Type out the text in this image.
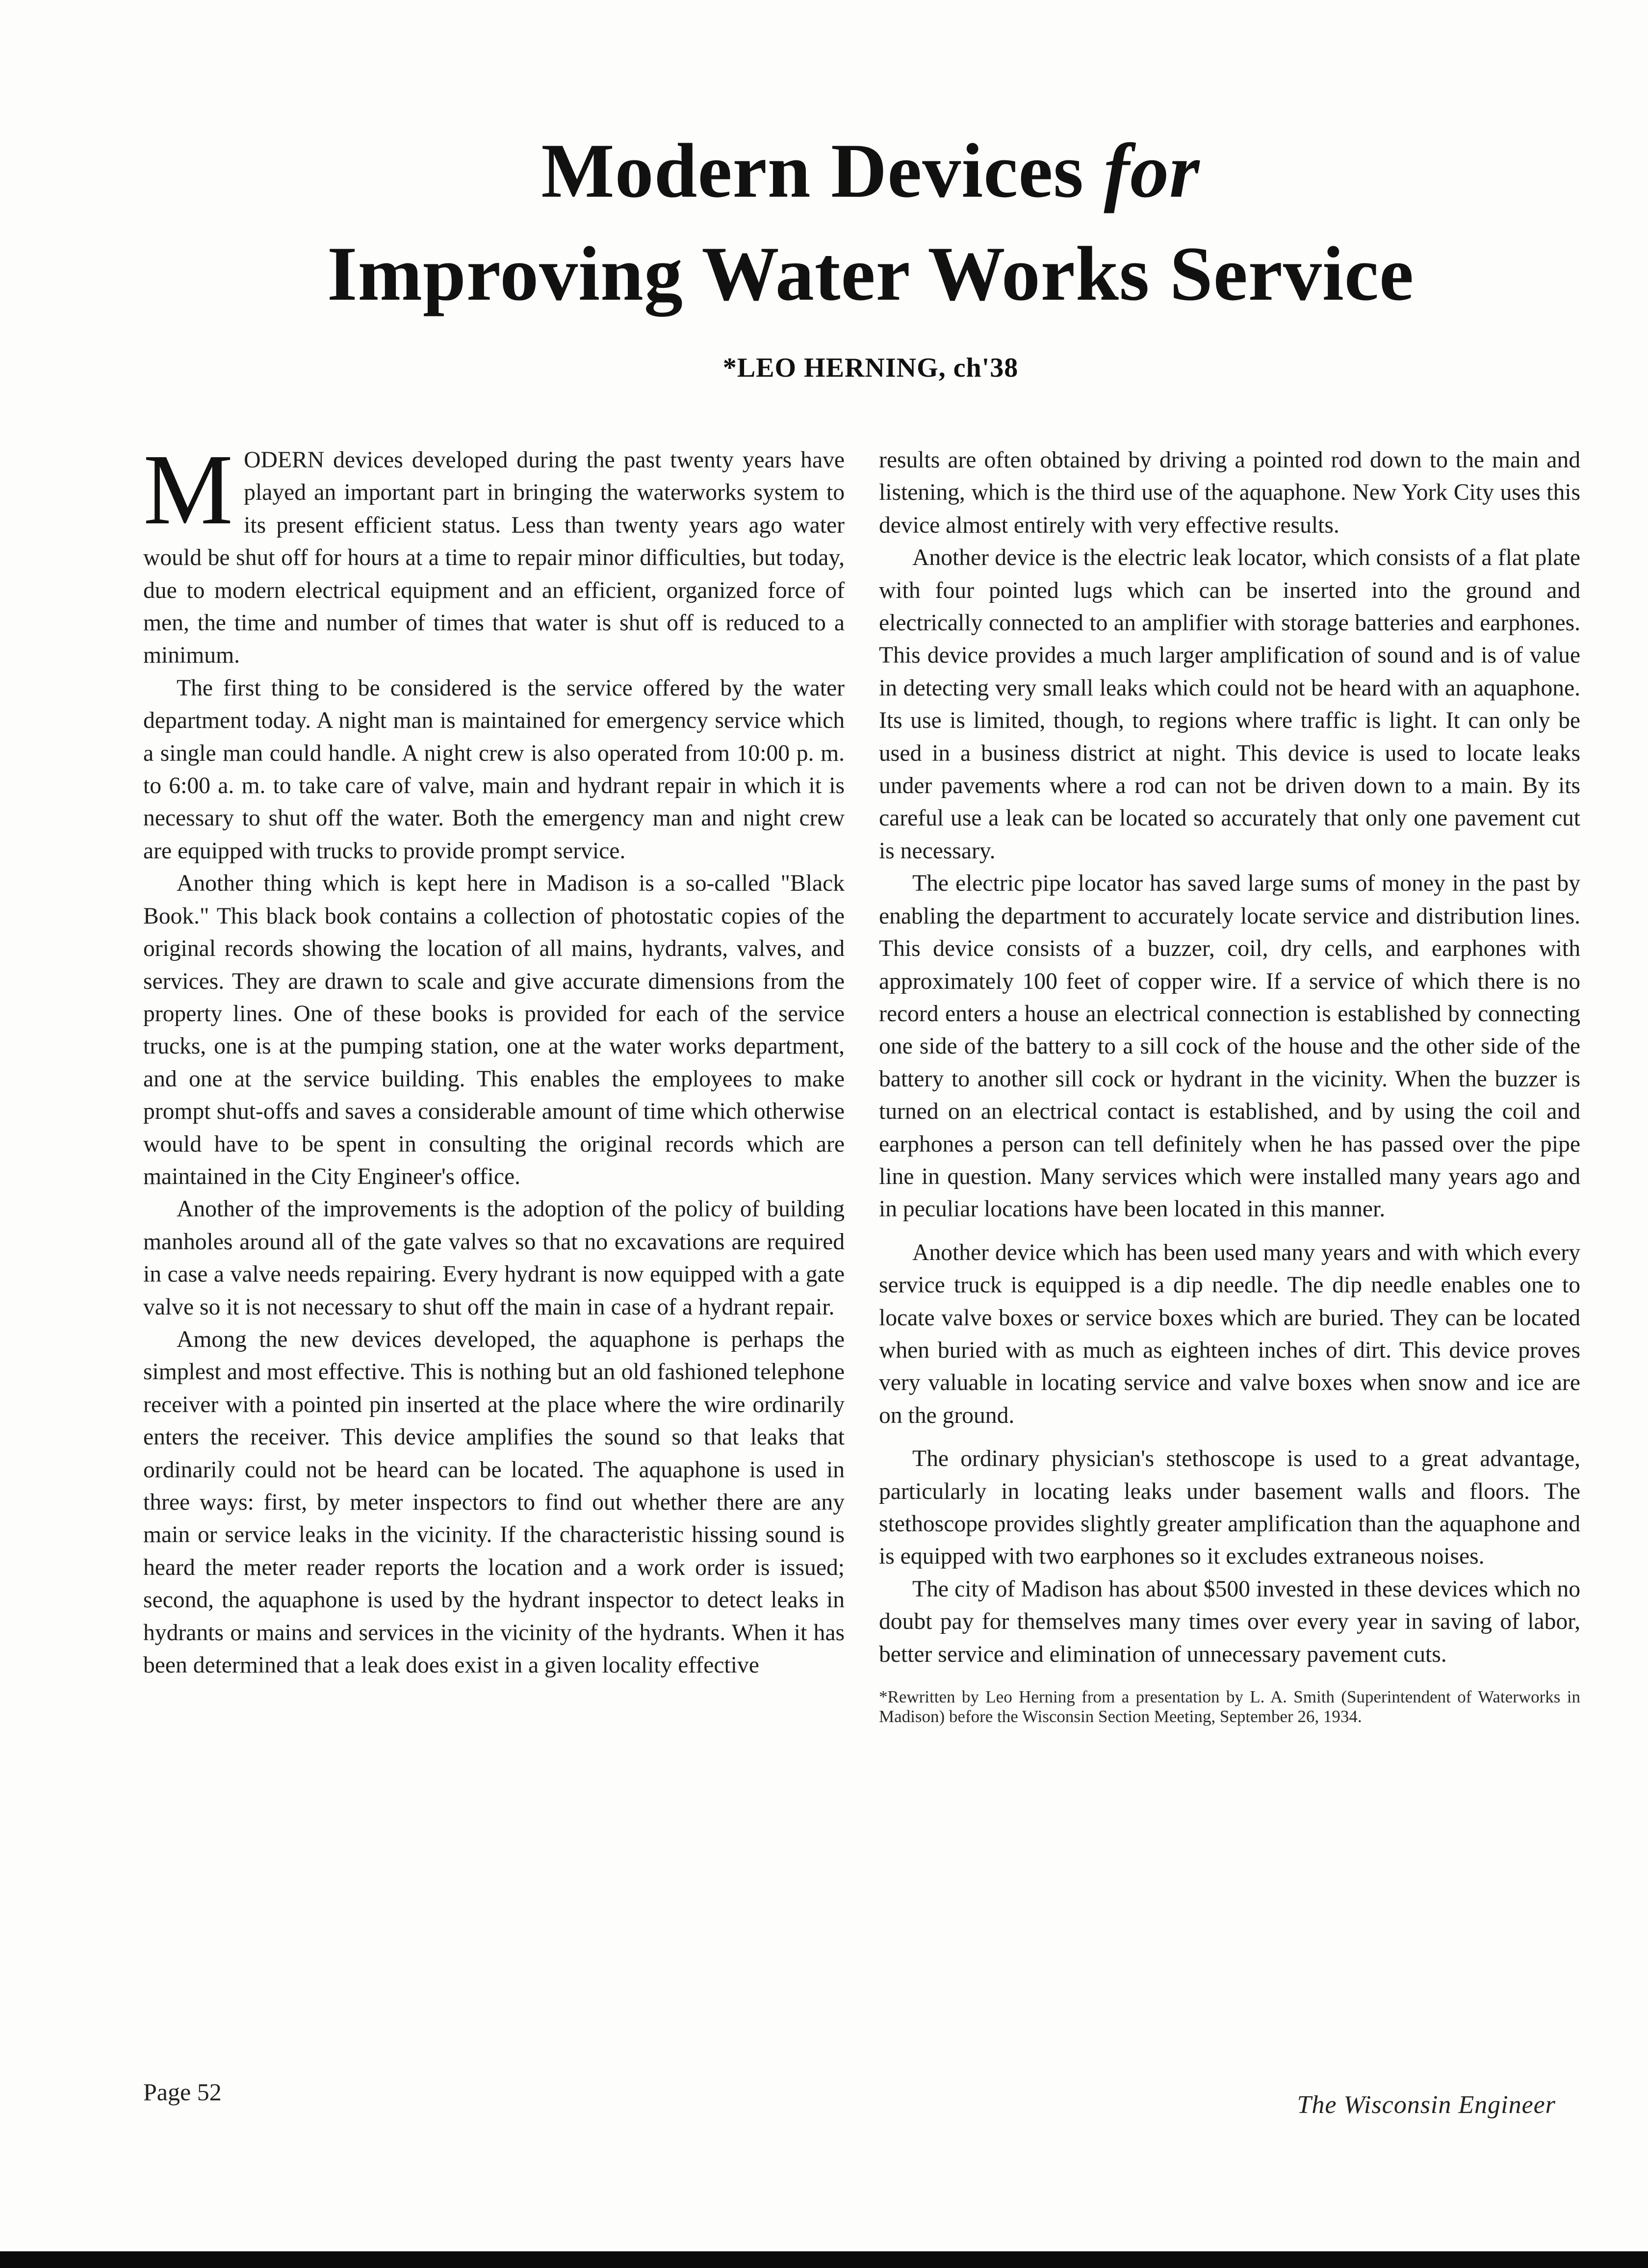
Modern Devices for
Improving Water Works Service
*LEO HERNING, ch'38

MODERN devices developed during the past twenty years have played an important part in bringing the waterworks system to its present efficient status. Less than twenty years ago water would be shut off for hours at a time to repair minor difficulties, but today, due to modern electrical equipment and an efficient, organized force of men, the time and number of times that water is shut off is reduced to a minimum.

The first thing to be considered is the service offered by the water department today. A night man is maintained for emergency service which a single man could handle. A night crew is also operated from 10:00 p. m. to 6:00 a. m. to take care of valve, main and hydrant repair in which it is necessary to shut off the water. Both the emergency man and night crew are equipped with trucks to provide prompt service.

Another thing which is kept here in Madison is a so-called "Black Book." This black book contains a collection of photostatic copies of the original records showing the location of all mains, hydrants, valves, and services. They are drawn to scale and give accurate dimensions from the property lines. One of these books is provided for each of the service trucks, one is at the pumping station, one at the water works department, and one at the service building. This enables the employees to make prompt shut-offs and saves a considerable amount of time which otherwise would have to be spent in consulting the original records which are maintained in the City Engineer's office.

Another of the improvements is the adoption of the policy of building manholes around all of the gate valves so that no excavations are required in case a valve needs repairing. Every hydrant is now equipped with a gate valve so it is not necessary to shut off the main in case of a hydrant repair.

Among the new devices developed, the aquaphone is perhaps the simplest and most effective. This is nothing but an old fashioned telephone receiver with a pointed pin inserted at the place where the wire ordinarily enters the receiver. This device amplifies the sound so that leaks that ordinarily could not be heard can be located. The aquaphone is used in three ways: first, by meter inspectors to find out whether there are any main or service leaks in the vicinity. If the characteristic hissing sound is heard the meter reader reports the location and a work order is issued; second, the aquaphone is used by the hydrant inspector to detect leaks in hydrants or mains and services in the vicinity of the hydrants. When it has been determined that a leak does exist in a given locality effective

results are often obtained by driving a pointed rod down to the main and listening, which is the third use of the aquaphone. New York City uses this device almost entirely with very effective results.

Another device is the electric leak locator, which consists of a flat plate with four pointed lugs which can be inserted into the ground and electrically connected to an amplifier with storage batteries and earphones. This device provides a much larger amplification of sound and is of value in detecting very small leaks which could not be heard with an aquaphone. Its use is limited, though, to regions where traffic is light. It can only be used in a business district at night. This device is used to locate leaks under pavements where a rod can not be driven down to a main. By its careful use a leak can be located so accurately that only one pavement cut is necessary.

The electric pipe locator has saved large sums of money in the past by enabling the department to accurately locate service and distribution lines. This device consists of a buzzer, coil, dry cells, and earphones with approximately 100 feet of copper wire. If a service of which there is no record enters a house an electrical connection is established by connecting one side of the battery to a sill cock of the house and the other side of the battery to another sill cock or hydrant in the vicinity. When the buzzer is turned on an electrical contact is established, and by using the coil and earphones a person can tell definitely when he has passed over the pipe line in question. Many services which were installed many years ago and in peculiar locations have been located in this manner.

Another device which has been used many years and with which every service truck is equipped is a dip needle. The dip needle enables one to locate valve boxes or service boxes which are buried. They can be located when buried with as much as eighteen inches of dirt. This device proves very valuable in locating service and valve boxes when snow and ice are on the ground.

The ordinary physician's stethoscope is used to a great advantage, particularly in locating leaks under basement walls and floors. The stethoscope provides slightly greater amplification than the aquaphone and is equipped with two earphones so it excludes extraneous noises.

The city of Madison has about $500 invested in these devices which no doubt pay for themselves many times over every year in saving of labor, better service and elimination of unnecessary pavement cuts.

*Rewritten by Leo Herning from a presentation by L. A. Smith (Superintendent of Waterworks in Madison) before the Wisconsin Section Meeting, September 26, 1934.

Page 52	The Wisconsin Engineer
